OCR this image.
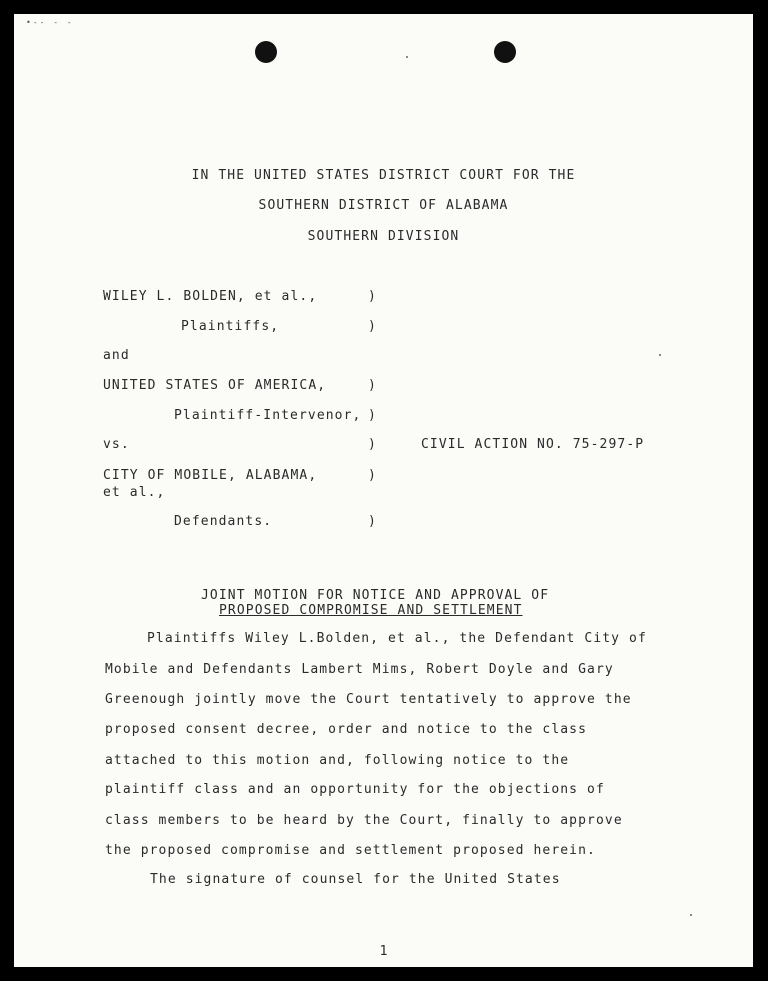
•-- - -
IN THE UNITED STATES DISTRICT COURT FOR THE
SOUTHERN DISTRICT OF ALABAMA
SOUTHERN DIVISION
WILEY L. BOLDEN, et al.,	)
Plaintiffs,	)
and
UNITED STATES OF AMERICA,	)
Plaintiff-Intervenor, )
vs.	)	CIVIL ACTION NO. 75-297-P
CITY OF MOBILE, ALABAMA,	)
et al.,
Defendants.	)
JOINT MOTION FOR NOTICE AND APPROVAL OF
PROPOSED COMPROMISE AND SETTLEMENT
Plaintiffs Wiley L.Bolden, et al., the Defendant City of
Mobile and Defendants Lambert Mims, Robert Doyle and Gary
Greenough jointly move the Court tentatively to approve the
proposed consent decree, order and notice to the class
attached to this motion and, following notice to the
plaintiff class and an opportunity for the objections of
class members to be heard by the Court, finally to approve
the proposed compromise and settlement proposed herein.
The signature of counsel for the United States
1
